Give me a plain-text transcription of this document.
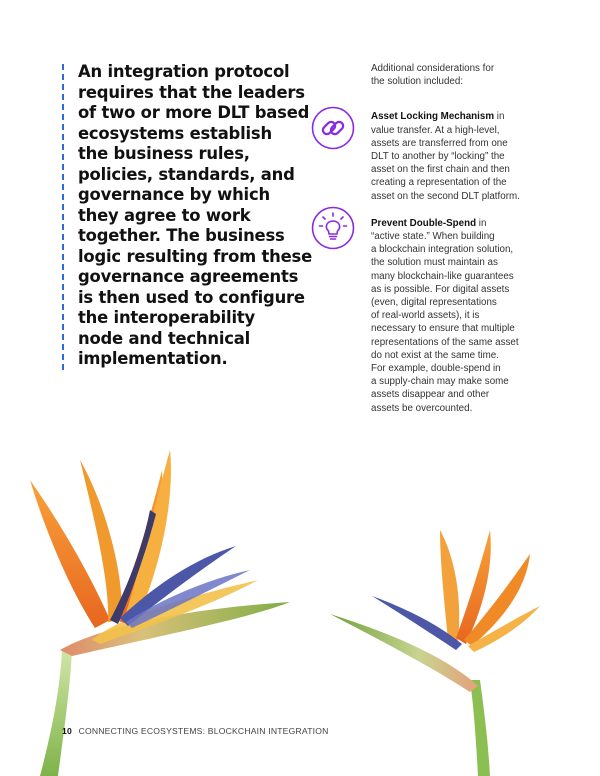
An integration protocol
requires that the leaders
of two or more DLT based
ecosystems establish
the business rules,
policies, standards, and
governance by which
they agree to work
together. The business
logic resulting from these
governance agreements
is then used to configure
the interoperability
node and technical
implementation.
Additional considerations for
the solution included:
Asset Locking Mechanism in
value transfer. At a high-level,
assets are transferred from one
DLT to another by “locking” the
asset on the first chain and then
creating a representation of the
asset on the second DLT platform.
Prevent Double-Spend in
“active state.” When building
a blockchain integration solution,
the solution must maintain as
many blockchain-like guarantees
as is possible. For digital assets
(even, digital representations
of real-world assets), it is
necessary to ensure that multiple
representations of the same asset
do not exist at the same time.
For example, double-spend in
a supply-chain may make some
assets disappear and other
assets be overcounted.
10 CONNECTING ECOSYSTEMS: BLOCKCHAIN INTEGRATION
